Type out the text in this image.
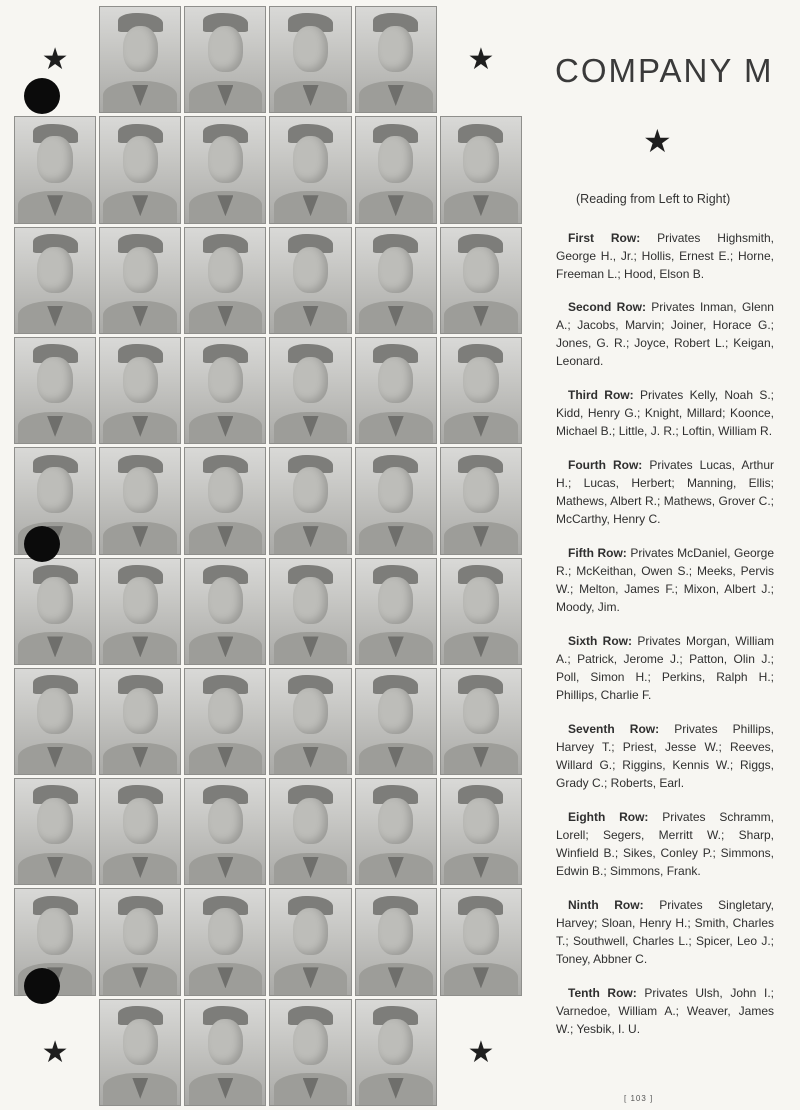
★	★
★	★
COMPANY M
★
(Reading from Left to Right)

First Row: Privates Highsmith, George H., Jr.; Hollis, Ernest E.; Horne, Freeman L.; Hood, Elson B.

Second Row: Privates Inman, Glenn A.; Jacobs, Marvin; Joiner, Horace G.; Jones, G. R.; Joyce, Robert L.; Keigan, Leonard.

Third Row: Privates Kelly, Noah S.; Kidd, Henry G.; Knight, Millard; Koonce, Michael B.; Little, J. R.; Loftin, William R.

Fourth Row: Privates Lucas, Arthur H.; Lucas, Herbert; Manning, Ellis; Mathews, Albert R.; Mathews, Grover C.; McCarthy, Henry C.

Fifth Row: Privates McDaniel, George R.; McKeithan, Owen S.; Meeks, Pervis W.; Melton, James F.; Mixon, Albert J.; Moody, Jim.

Sixth Row: Privates Morgan, William A.; Patrick, Jerome J.; Patton, Olin J.; Poll, Simon H.; Perkins, Ralph H.; Phillips, Charlie F.

Seventh Row: Privates Phillips, Harvey T.; Priest, Jesse W.; Reeves, Willard G.; Riggins, Kennis W.; Riggs, Grady C.; Roberts, Earl.

Eighth Row: Privates Schramm, Lorell; Segers, Merritt W.; Sharp, Winfield B.; Sikes, Conley P.; Simmons, Edwin B.; Simmons, Frank.

Ninth Row: Privates Singletary, Harvey; Sloan, Henry H.; Smith, Charles T.; Southwell, Charles L.; Spicer, Leo J.; Toney, Abbner C.

Tenth Row: Privates Ulsh, John I.; Varnedoe, William A.; Weaver, James W.; Yesbik, I. U.

[ 103 ]
